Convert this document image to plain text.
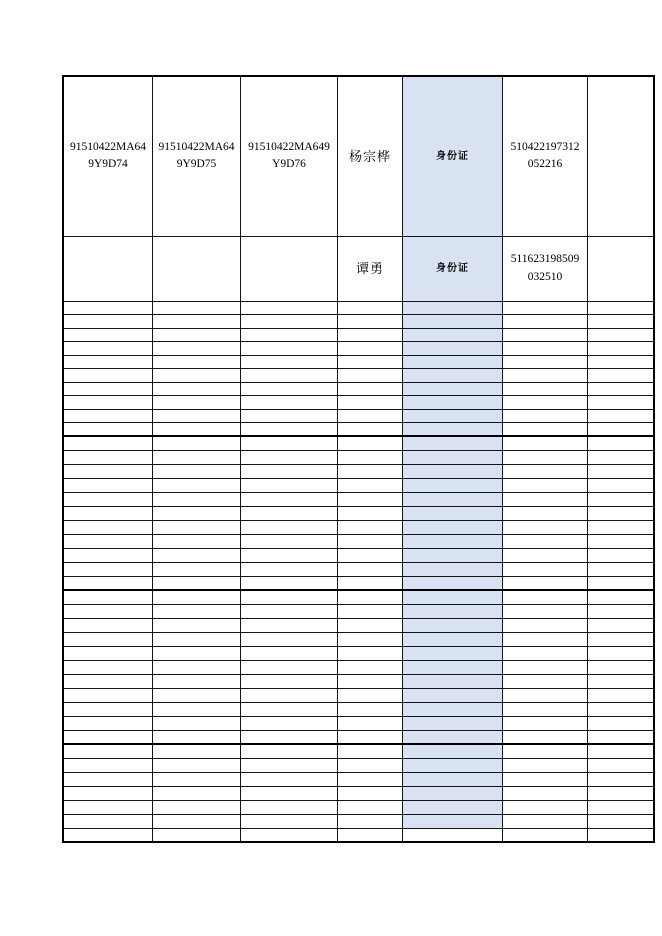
91510422MA649Y9D74	91510422MA649Y9D75	91510422MA649Y9D76	杨宗桦	身份证	510422197312052216	
			谭勇	身份证	511623198509032510	
